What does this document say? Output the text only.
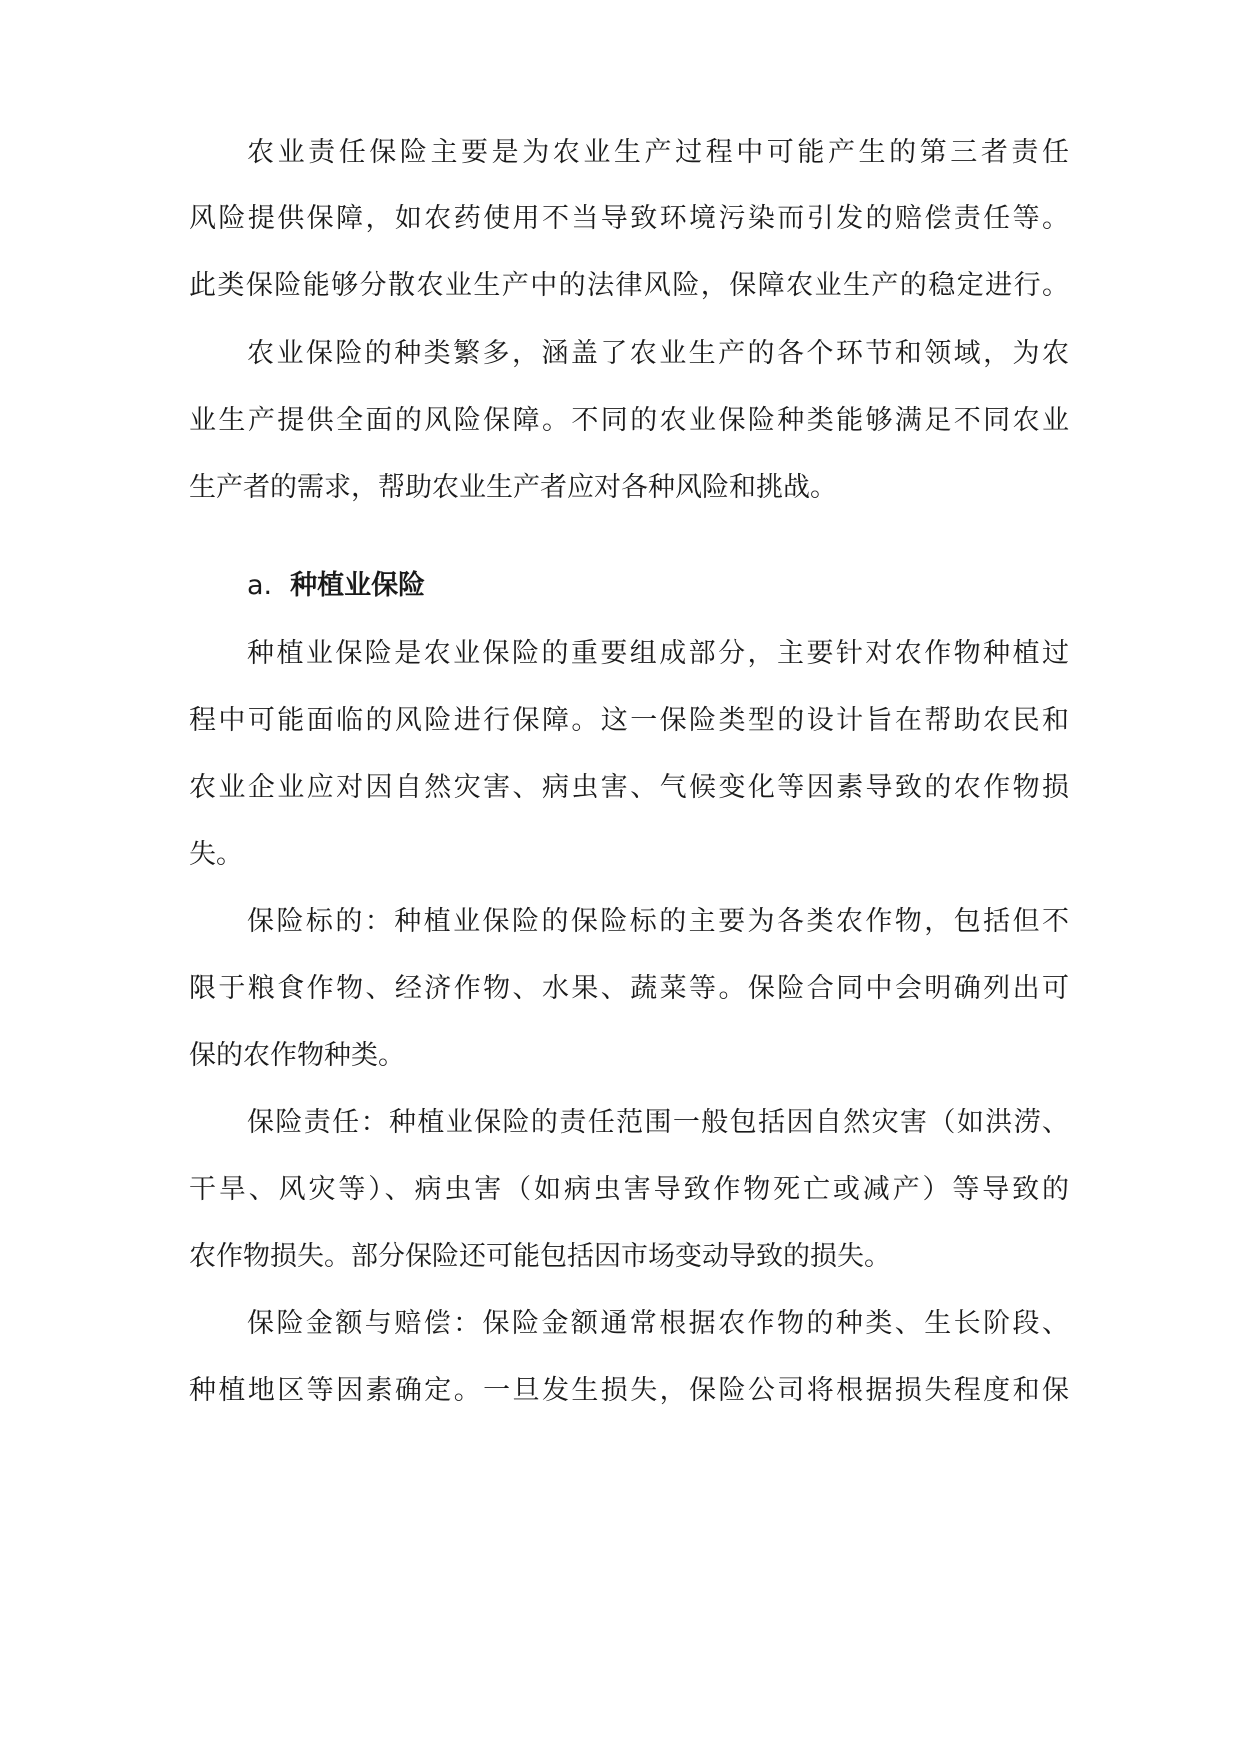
农业责任保险主要是为农业生产过程中可能产生的第三者责任
风险提供保障，如农药使用不当导致环境污染而引发的赔偿责任等。
此类保险能够分散农业生产中的法律风险，保障农业生产的稳定进行。
农业保险的种类繁多，涵盖了农业生产的各个环节和领域，为农
业生产提供全面的风险保障。不同的农业保险种类能够满足不同农业
生产者的需求，帮助农业生产者应对各种风险和挑战。
a. 种植业保险
种植业保险是农业保险的重要组成部分，主要针对农作物种植过
程中可能面临的风险进行保障。这一保险类型的设计旨在帮助农民和
农业企业应对因自然灾害、病虫害、气候变化等因素导致的农作物损
失。
保险标的：种植业保险的保险标的主要为各类农作物，包括但不
限于粮食作物、经济作物、水果、蔬菜等。保险合同中会明确列出可
保的农作物种类。
保险责任：种植业保险的责任范围一般包括因自然灾害（如洪涝、
干旱、风灾等）、病虫害（如病虫害导致作物死亡或减产）等导致的
农作物损失。部分保险还可能包括因市场变动导致的损失。
保险金额与赔偿：保险金额通常根据农作物的种类、生长阶段、
种植地区等因素确定。一旦发生损失，保险公司将根据损失程度和保
